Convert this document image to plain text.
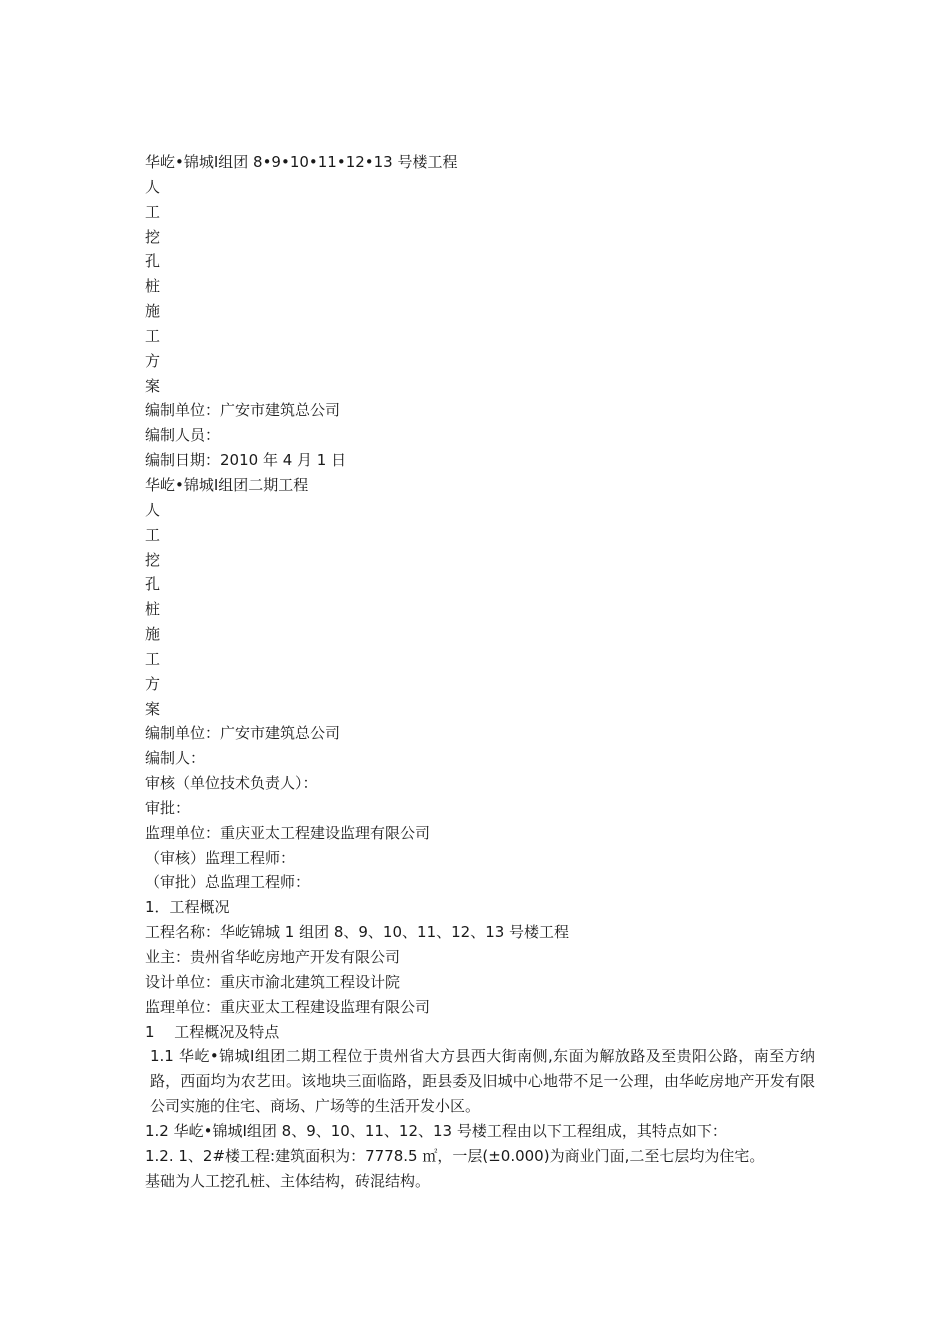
华屹•锦城Ⅰ组团 8•9•10•11•12•13 号楼工程
人
工
挖
孔
桩
施
工
方
案
编制单位：广安市建筑总公司
编制人员：
编制日期：2010 年 4 月 1 日
华屹•锦城Ⅰ组团二期工程
人
工
挖
孔
桩
施
工
方
案
编制单位：广安市建筑总公司
编制人：
审核（单位技术负责人）：
审批：
监理单位：重庆亚太工程建设监理有限公司
（审核）监理工程师：
（审批）总监理工程师：
1．工程概况
工程名称：华屹锦城 1 组团 8、9、10、11、12、13 号楼工程
业主：贵州省华屹房地产开发有限公司
设计单位：重庆市渝北建筑工程设计院
监理单位：重庆亚太工程建设监理有限公司
1　 工程概况及特点
1.1 华屹•锦城Ⅰ组团二期工程位于贵州省大方县西大街南侧,东面为解放路及至贵阳公路，南至方纳路，西面均为农艺田。该地块三面临路，距县委及旧城中心地带不足一公理，由华屹房地产开发有限公司实施的住宅、商场、广场等的生活开发小区。
1.2 华屹•锦城Ⅰ组团 8、9、10、11、12、13 号楼工程由以下工程组成，其特点如下：
1.2. 1、2#楼工程:建筑面积为：7778.5 ㎡，一层(±0.000)为商业门面,二至七层均为住宅。
基础为人工挖孔桩、主体结构，砖混结构。
